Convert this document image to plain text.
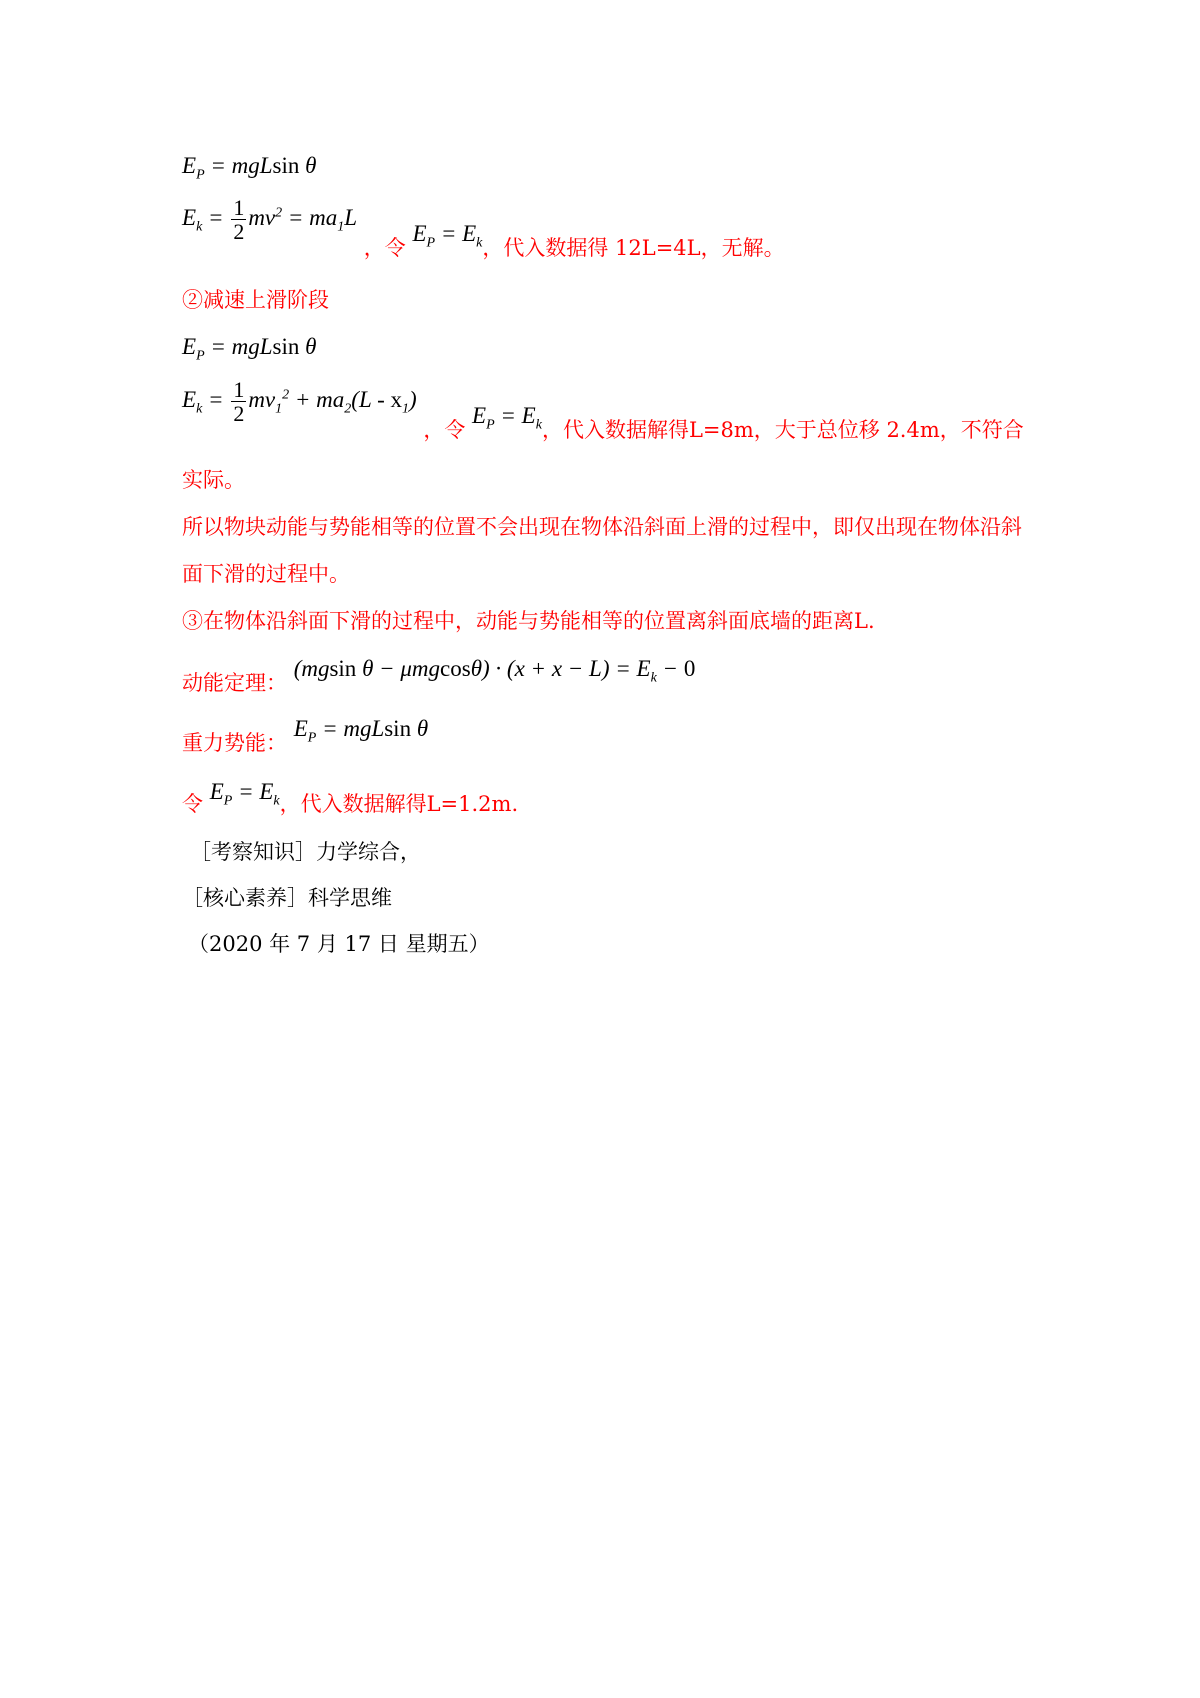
$E_P = mgLsin$ θ
$E_k = \frac{1}{2} mv^2 = ma_1L$ ，令 $E_P = E_k$，代入数据得 12L=4L，无解。
②减速上滑阶段
$E_P = mgLsin$ θ
$E_k = \frac{1}{2} mv_1^2 + ma_2(L - x_1)$ ，令 $E_P = E_k$，代入数据解得L=8m，大于总位移 2.4m，不符合
实际。
所以物块动能与势能相等的位置不会出现在物体沿斜面上滑的过程中，即仅出现在物体沿斜
面下滑的过程中。
③在物体沿斜面下滑的过程中，动能与势能相等的位置离斜面底墙的距离L.
动能定理： (mgsin $\theta - \mu mgcos\theta) \cdot (x + x - L) = E_k - 0$
重力势能： $E_P = mgLsin$ θ
令 $E_P = E_k$，代入数据解得L=1.2m.
［考察知识］力学综合，
［核心素养］科学思维
（2020 年 7 月 17 日 星期五）
